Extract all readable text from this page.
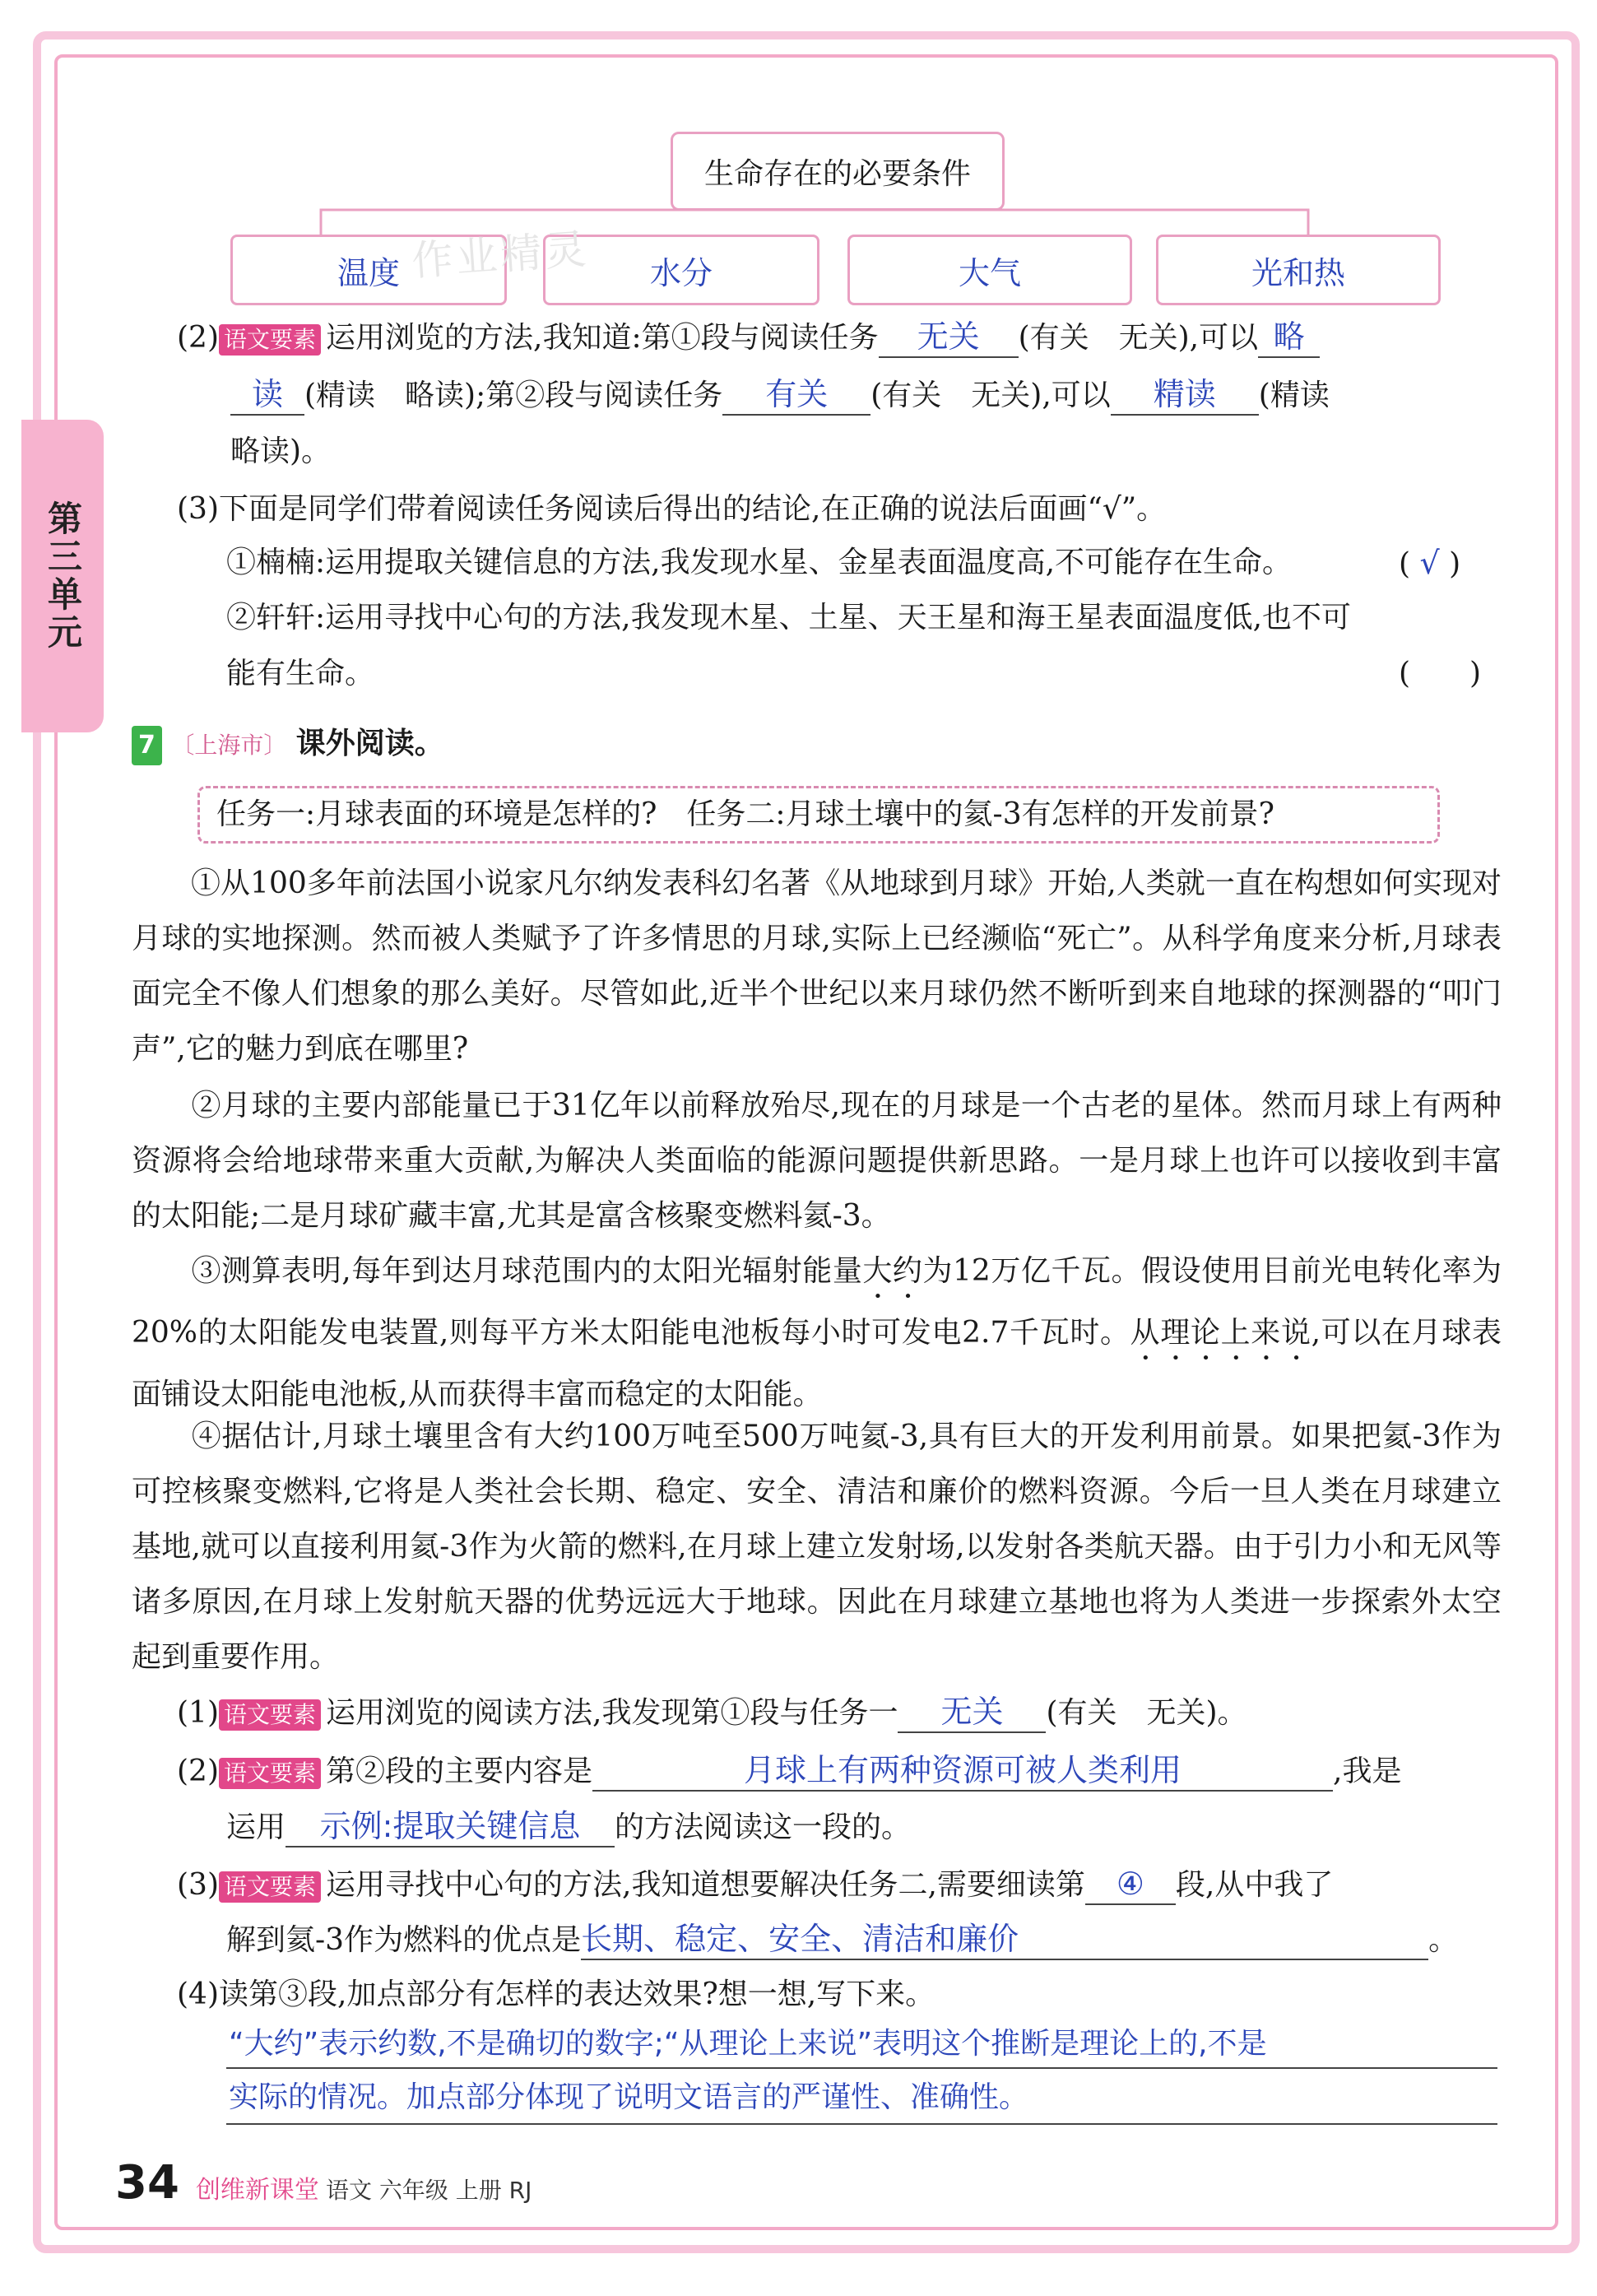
第三单元
生命存在的必要条件
温度	水分	大气	光和热
作业精灵
(2) 语文要素 运用浏览的方法,我知道:第①段与阅读任务 无关 (有关　无关),可以 略
读 (精读　略读);第②段与阅读任务 有关 (有关　无关),可以 精读 (精读
略读)。
(3)下面是同学们带着阅读任务阅读后得出的结论,在正确的说法后面画“√”。
①楠楠:运用提取关键信息的方法,我发现水星、金星表面温度高,不可能存在生命。	( √ )
②轩轩:运用寻找中心句的方法,我发现木星、土星、天王星和海王星表面温度低,也不可
能有生命。	(　　)
7 〔上海市〕 课外阅读。
任务一:月球表面的环境是怎样的?　任务二:月球土壤中的氦-3有怎样的开发前景?
①从100多年前法国小说家凡尔纳发表科幻名著《从地球到月球》开始,人类就一直在构想如何实现对月球的实地探测。然而被人类赋予了许多情思的月球,实际上已经濒临“死亡”。从科学角度来分析,月球表面完全不像人们想象的那么美好。尽管如此,近半个世纪以来月球仍然不断听到来自地球的探测器的“叩门声”,它的魅力到底在哪里?
②月球的主要内部能量已于31亿年以前释放殆尽,现在的月球是一个古老的星体。然而月球上有两种资源将会给地球带来重大贡献,为解决人类面临的能源问题提供新思路。一是月球上也许可以接收到丰富的太阳能;二是月球矿藏丰富,尤其是富含核聚变燃料氦-3。
③测算表明,每年到达月球范围内的太阳光辐射能量大约为12万亿千瓦。假设使用目前光电转化率为20%的太阳能发电装置,则每平方米太阳能电池板每小时可发电2.7千瓦时。从理论上来说,可以在月球表面铺设太阳能电池板,从而获得丰富而稳定的太阳能。
④据估计,月球土壤里含有大约100万吨至500万吨氦-3,具有巨大的开发利用前景。如果把氦-3作为可控核聚变燃料,它将是人类社会长期、稳定、安全、清洁和廉价的燃料资源。今后一旦人类在月球建立基地,就可以直接利用氦-3作为火箭的燃料,在月球上建立发射场,以发射各类航天器。由于引力小和无风等诸多原因,在月球上发射航天器的优势远远大于地球。因此在月球建立基地也将为人类进一步探索外太空起到重要作用。
(1) 语文要素 运用浏览的阅读方法,我发现第①段与任务一 无关 (有关　无关)。
(2) 语文要素 第②段的主要内容是	月球上有两种资源可被人类利用	,我是
运用 示例:提取关键信息 的方法阅读这一段的。
(3) 语文要素 运用寻找中心句的方法,我知道想要解决任务二,需要细读第 ④ 段,从中我了
解到氦-3作为燃料的优点是长期、稳定、安全、清洁和廉价	。
(4)读第③段,加点部分有怎样的表达效果?想一想,写下来。
“大约”表示约数,不是确切的数字;“从理论上来说”表明这个推断是理论上的,不是
实际的情况。加点部分体现了说明文语言的严谨性、准确性。
34 创维新课堂 语文 六年级 上册 RJ
